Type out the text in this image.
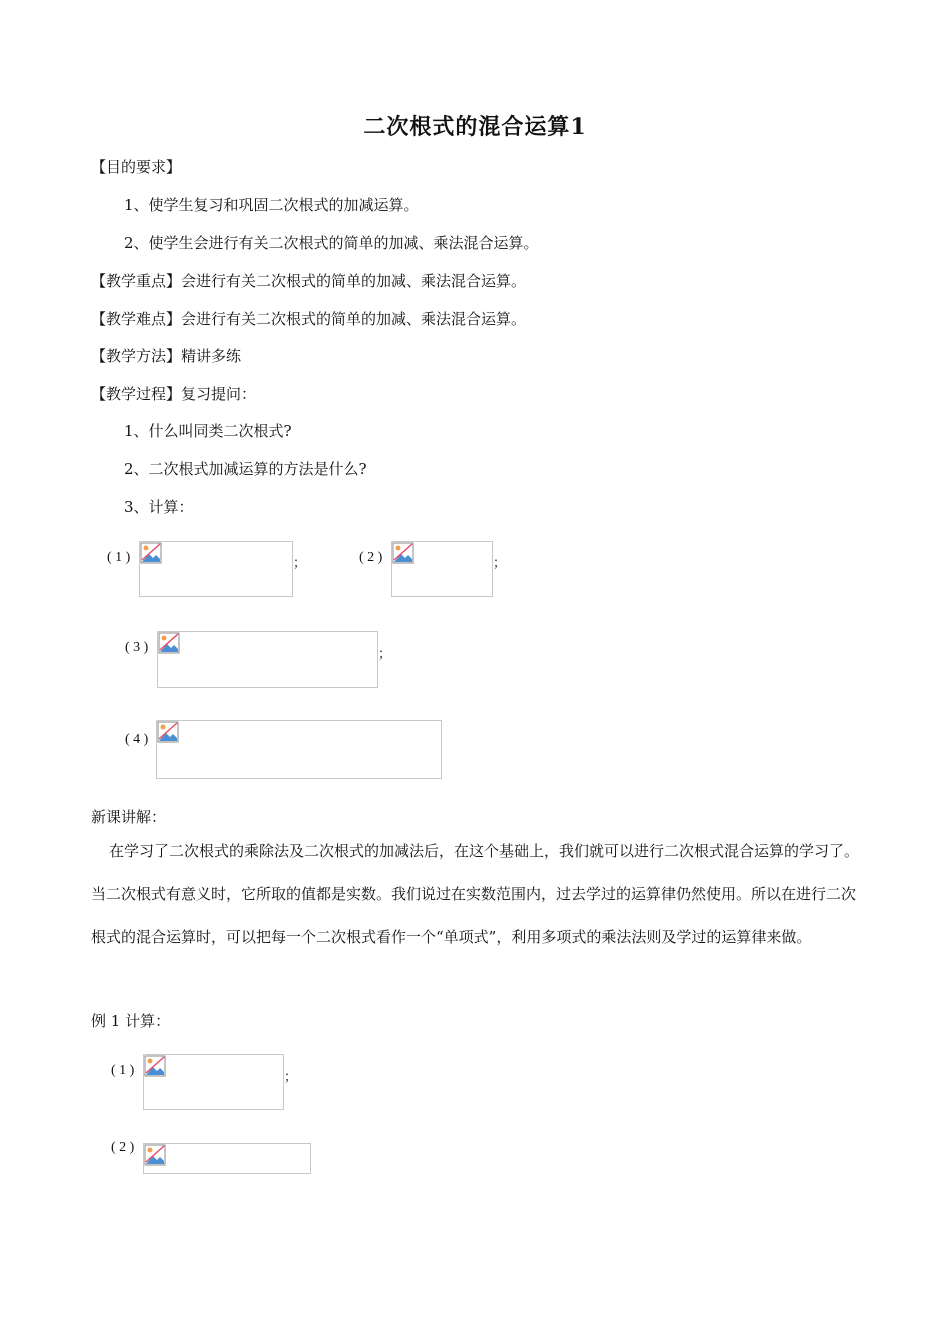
二次根式的混合运算1
【目的要求】
1、使学生复习和巩固二次根式的加减运算。
2、使学生会进行有关二次根式的简单的加减、乘法混合运算。
【教学重点】会进行有关二次根式的简单的加减、乘法混合运算。
【教学难点】会进行有关二次根式的简单的加减、乘法混合运算。
【教学方法】精讲多练
【教学过程】复习提问：
1、什么叫同类二次根式?
2、二次根式加减运算的方法是什么?
3、计算：
( 1 )	；	( 2 )	；
( 3 )	；
( 4 )
新课讲解：
在学习了二次根式的乘除法及二次根式的加减法后，在这个基础上，我们就可以进行二次根式混合运算的学习了。当二次根式有意义时，它所取的值都是实数。我们说过在实数范围内，过去学过的运算律仍然使用。所以在进行二次根式的混合运算时，可以把每一个二次根式看作一个“单项式”，利用多项式的乘法法则及学过的运算律来做。
例 1 计算：
( 1 )	；
( 2 )
